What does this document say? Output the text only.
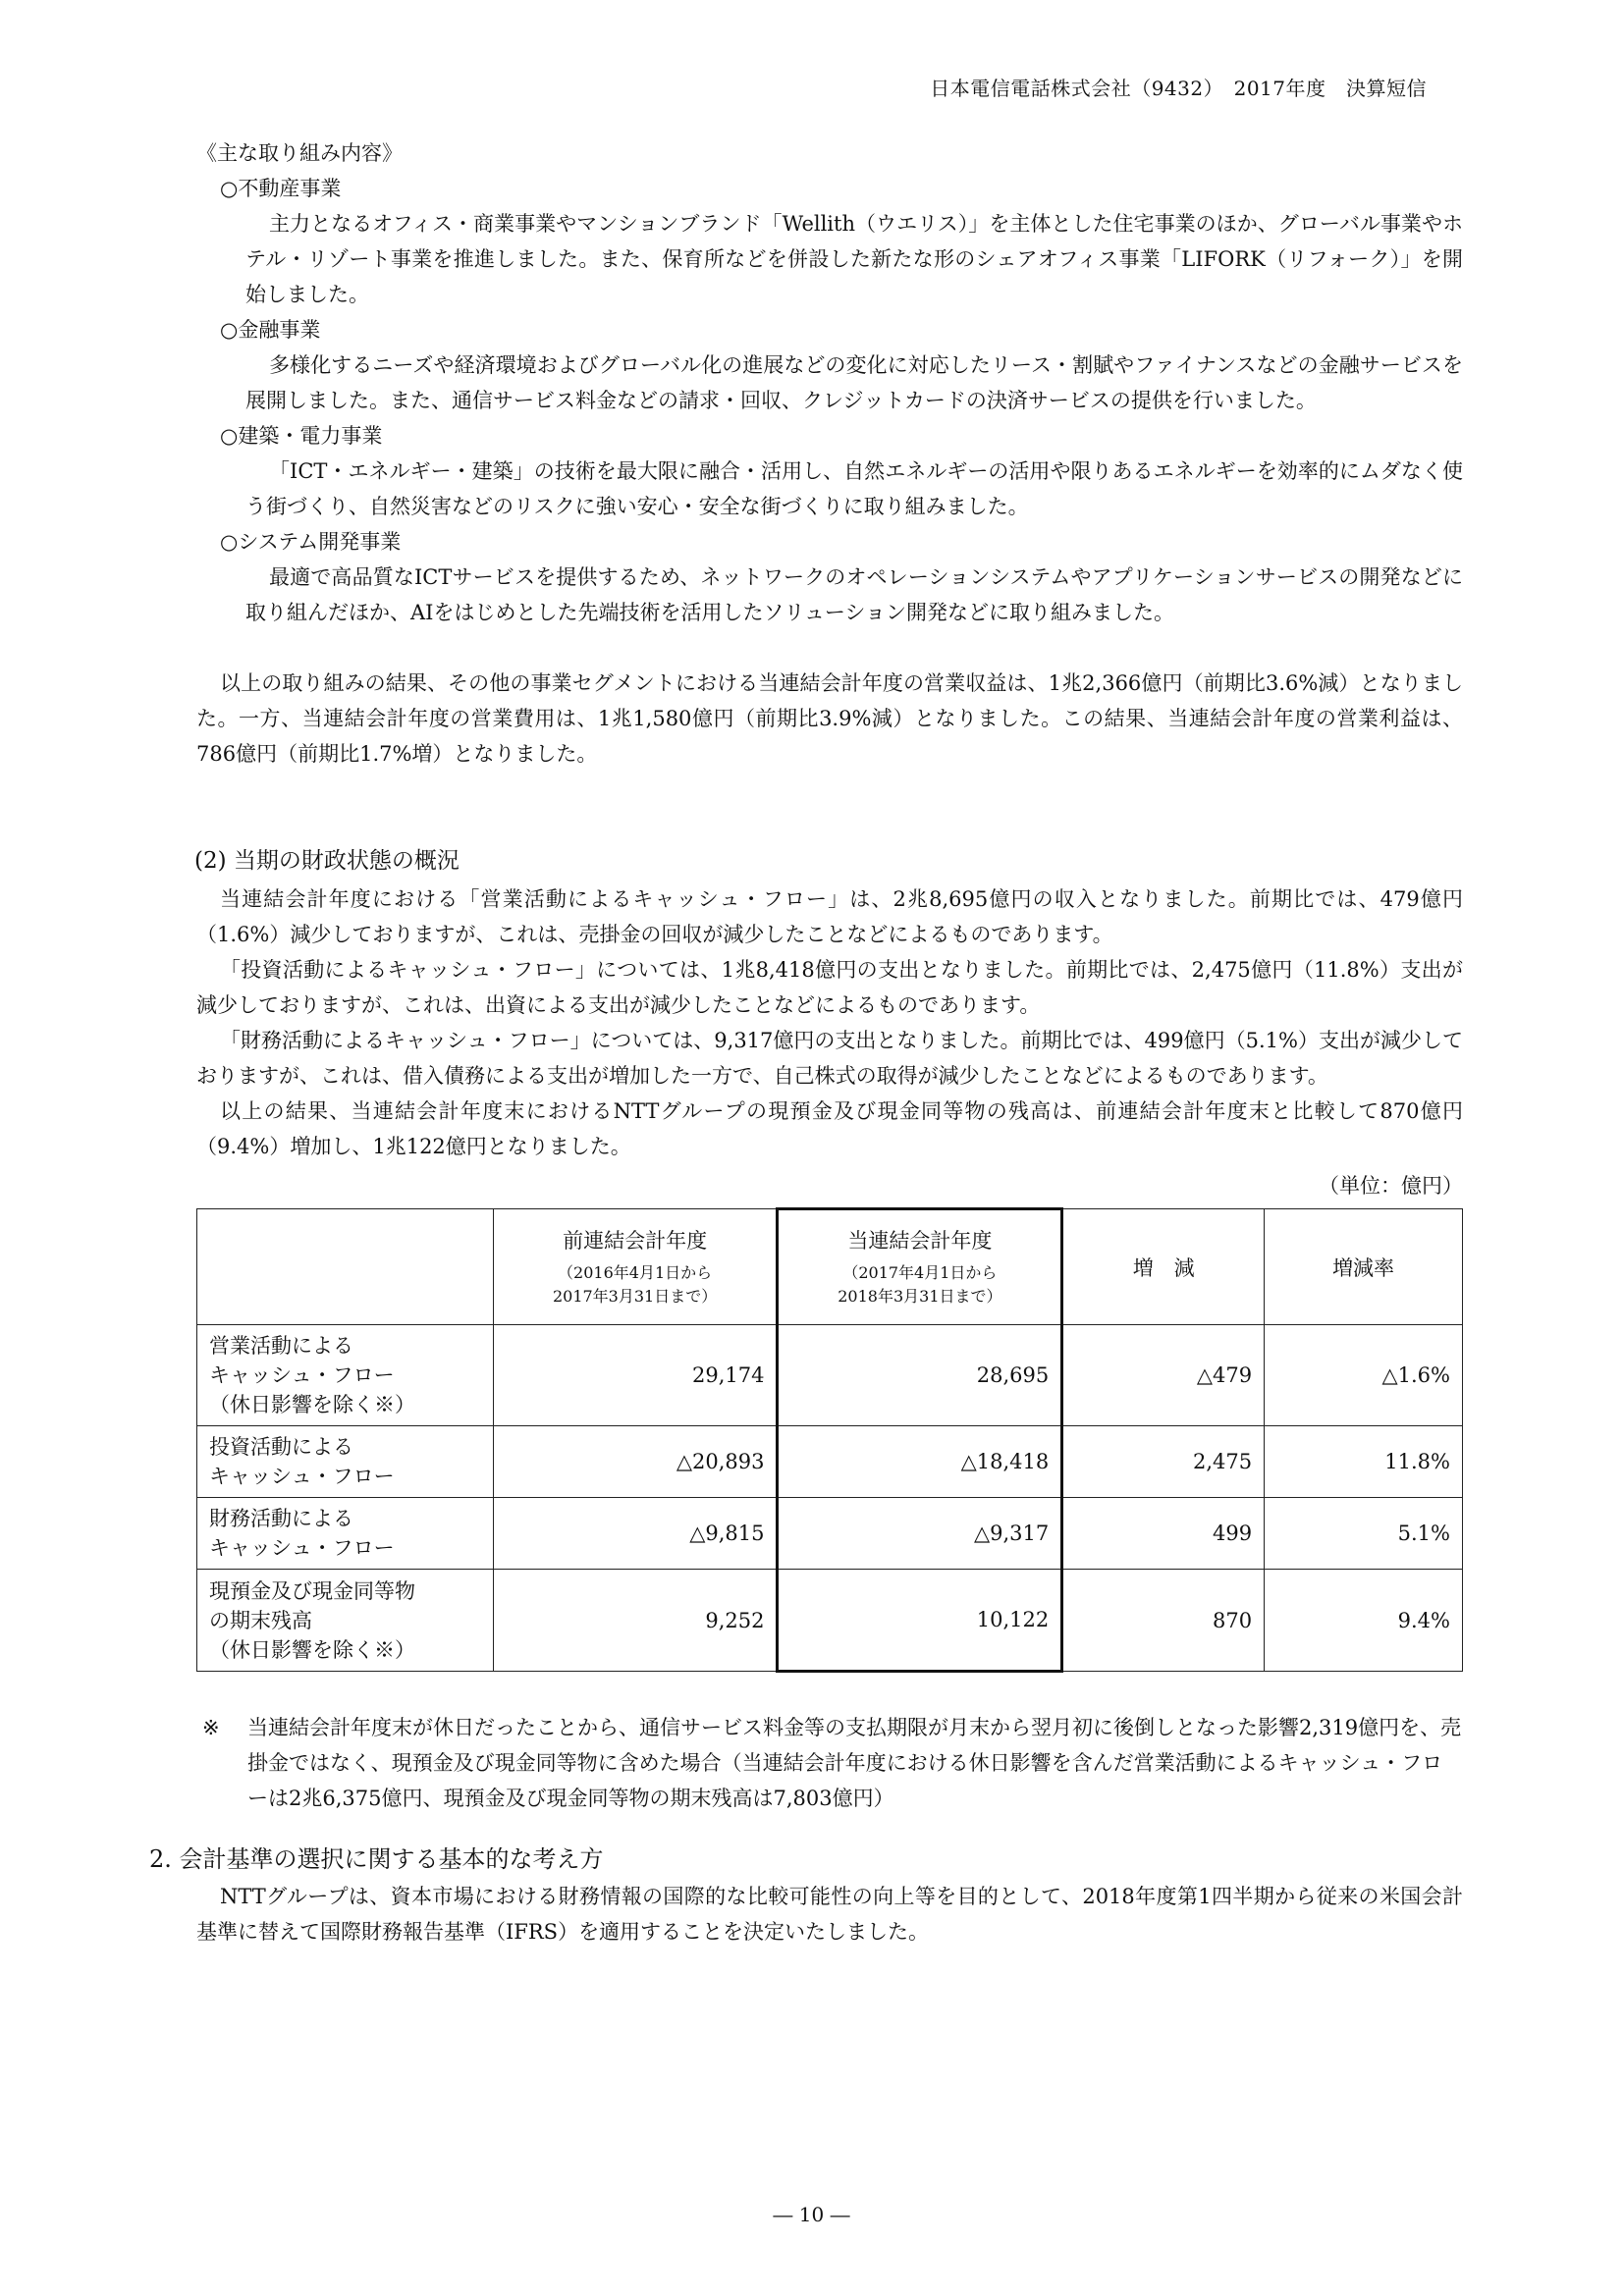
日本電信電話株式会社（9432）　2017年度　決算短信

《主な取り組み内容》

○不動産事業

主力となるオフィス・商業事業やマンションブランド「Wellith（ウエリス）」を主体とした住宅事業のほか、グローバル事業やホテル・リゾート事業を推進しました。また、保育所などを併設した新たな形のシェアオフィス事業「LIFORK（リフォーク）」を開始しました。

○金融事業

多様化するニーズや経済環境およびグローバル化の進展などの変化に対応したリース・割賦やファイナンスなどの金融サービスを展開しました。また、通信サービス料金などの請求・回収、クレジットカードの決済サービスの提供を行いました。

○建築・電力事業

「ICT・エネルギー・建築」の技術を最大限に融合・活用し、自然エネルギーの活用や限りあるエネルギーを効率的にムダなく使う街づくり、自然災害などのリスクに強い安心・安全な街づくりに取り組みました。

○システム開発事業

最適で高品質なICTサービスを提供するため、ネットワークのオペレーションシステムやアプリケーションサービスの開発などに取り組んだほか、AIをはじめとした先端技術を活用したソリューション開発などに取り組みました。

以上の取り組みの結果、その他の事業セグメントにおける当連結会計年度の営業収益は、1兆2,366億円（前期比3.6%減）となりました。一方、当連結会計年度の営業費用は、1兆1,580億円（前期比3.9%減）となりました。この結果、当連結会計年度の営業利益は、786億円（前期比1.7%増）となりました。

(2) 当期の財政状態の概況

当連結会計年度における「営業活動によるキャッシュ・フロー」は、2兆8,695億円の収入となりました。前期比では、479億円（1.6%）減少しておりますが、これは、売掛金の回収が減少したことなどによるものであります。

「投資活動によるキャッシュ・フロー」については、1兆8,418億円の支出となりました。前期比では、2,475億円（11.8%）支出が減少しておりますが、これは、出資による支出が減少したことなどによるものであります。

「財務活動によるキャッシュ・フロー」については、9,317億円の支出となりました。前期比では、499億円（5.1%）支出が減少しておりますが、これは、借入債務による支出が増加した一方で、自己株式の取得が減少したことなどによるものであります。

以上の結果、当連結会計年度末におけるNTTグループの現預金及び現金同等物の残高は、前連結会計年度末と比較して870億円（9.4%）増加し、1兆122億円となりました。

（単位：億円）

	前連結会計年度
（2016年4月1日から
2017年3月31日まで）	当連結会計年度
（2017年4月1日から
2018年3月31日まで）	増　減	増減率
営業活動による
キャッシュ・フロー
（休日影響を除く※）	29,174	28,695	△479	△1.6%
投資活動による
キャッシュ・フロー	△20,893	△18,418	2,475	11.8%
財務活動による
キャッシュ・フロー	△9,815	△9,317	499	5.1%
現預金及び現金同等物
の期末残高
（休日影響を除く※）	9,252	10,122	870	9.4%
※ 当連結会計年度末が休日だったことから、通信サービス料金等の支払期限が月末から翌月初に後倒しとなった影響2,319億円を、売掛金ではなく、現預金及び現金同等物に含めた場合（当連結会計年度における休日影響を含んだ営業活動によるキャッシュ・フローは2兆6,375億円、現預金及び現金同等物の期末残高は7,803億円）

2. 会計基準の選択に関する基本的な考え方

NTTグループは、資本市場における財務情報の国際的な比較可能性の向上等を目的として、2018年度第1四半期から従来の米国会計基準に替えて国際財務報告基準（IFRS）を適用することを決定いたしました。

― 10 ―
